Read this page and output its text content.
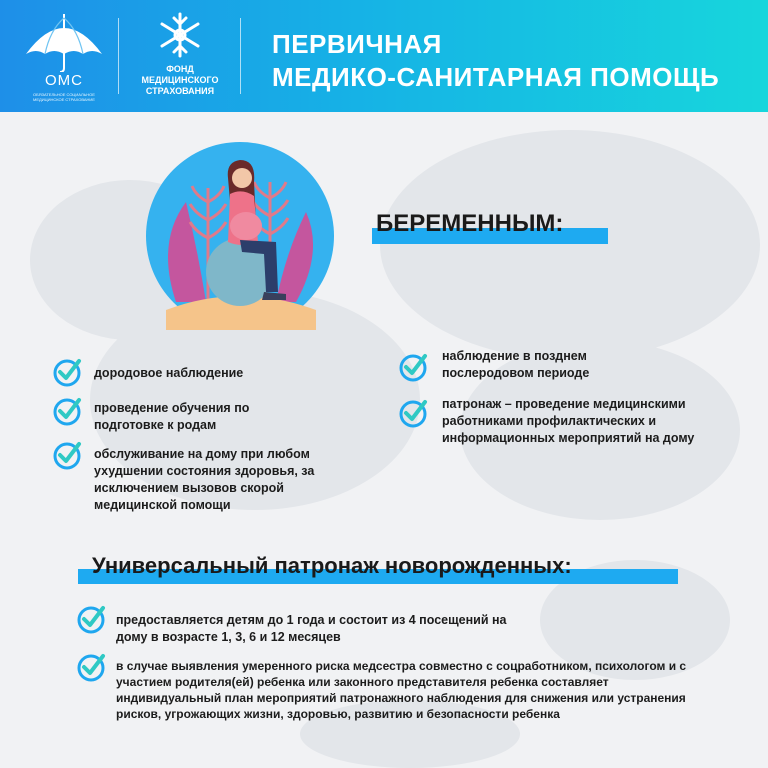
ОМС
ОБЯЗАТЕЛЬНОЕ СОЦИАЛЬНОЕ МЕДИЦИНСКОЕ СТРАХОВАНИЕ
ФОНД
МЕДИЦИНСКОГО
СТРАХОВАНИЯ
ПЕРВИЧНАЯ
МЕДИКО-САНИТАРНАЯ ПОМОЩЬ
БЕРЕМЕННЫМ:
дородовое наблюдение
проведение обучения по подготовке к родам
обслуживание на дому при любом ухудшении состояния здоровья, за исключением вызовов скорой медицинской помощи
наблюдение в позднем послеродовом периоде
патронаж – проведение медицинскими работниками профилактических и информационных мероприятий на дому
Универсальный патронаж новорожденных:
предоставляется детям до 1 года и состоит из 4 посещений на дому в возрасте 1, 3, 6 и 12 месяцев
в случае выявления умеренного риска медсестра совместно с соцработником, психологом и с участием родителя(ей) ребенка или законного представителя ребенка составляет индивидуальный план мероприятий патронажного наблюдения для снижения или устранения рисков, угрожающих жизни, здоровью, развитию и безопасности ребенка
